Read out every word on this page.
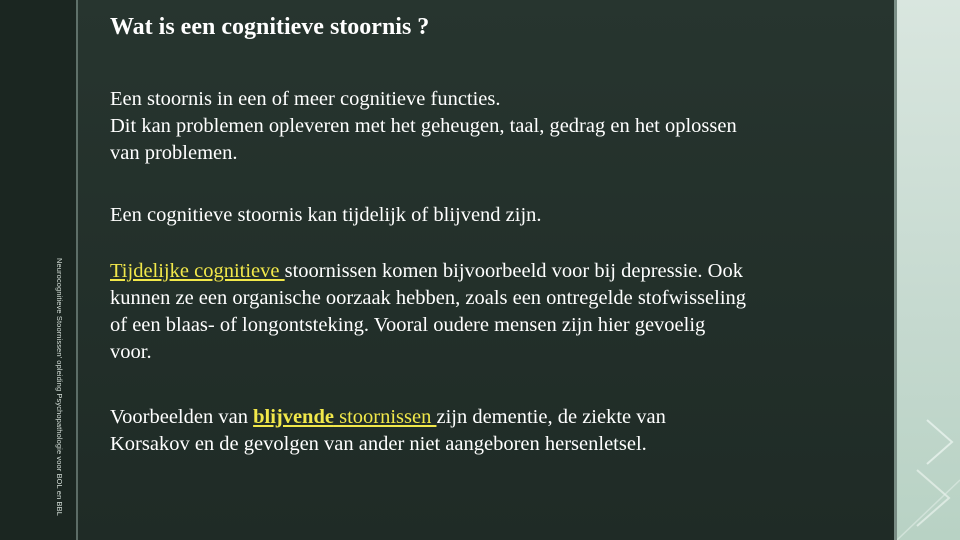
Wat is een cognitieve stoornis ?

Een stoornis in een of meer cognitieve functies.
Dit kan problemen opleveren met het geheugen, taal, gedrag en het oplossen van problemen.

Een cognitieve stoornis kan tijdelijk of blijvend zijn.

Tijdelijke cognitieve stoornissen komen bijvoorbeeld voor bij depressie. Ook kunnen ze een organische oorzaak hebben, zoals een ontregelde stofwisseling of een blaas- of longontsteking. Vooral oudere mensen zijn hier gevoelig voor.

Voorbeelden van blijvende stoornissen zijn dementie, de ziekte van Korsakov en de gevolgen van ander niet aangeboren hersenletsel.

Neurocognitieve Stoornissen' opleiding Psychopathologie voor BOL en BBL
